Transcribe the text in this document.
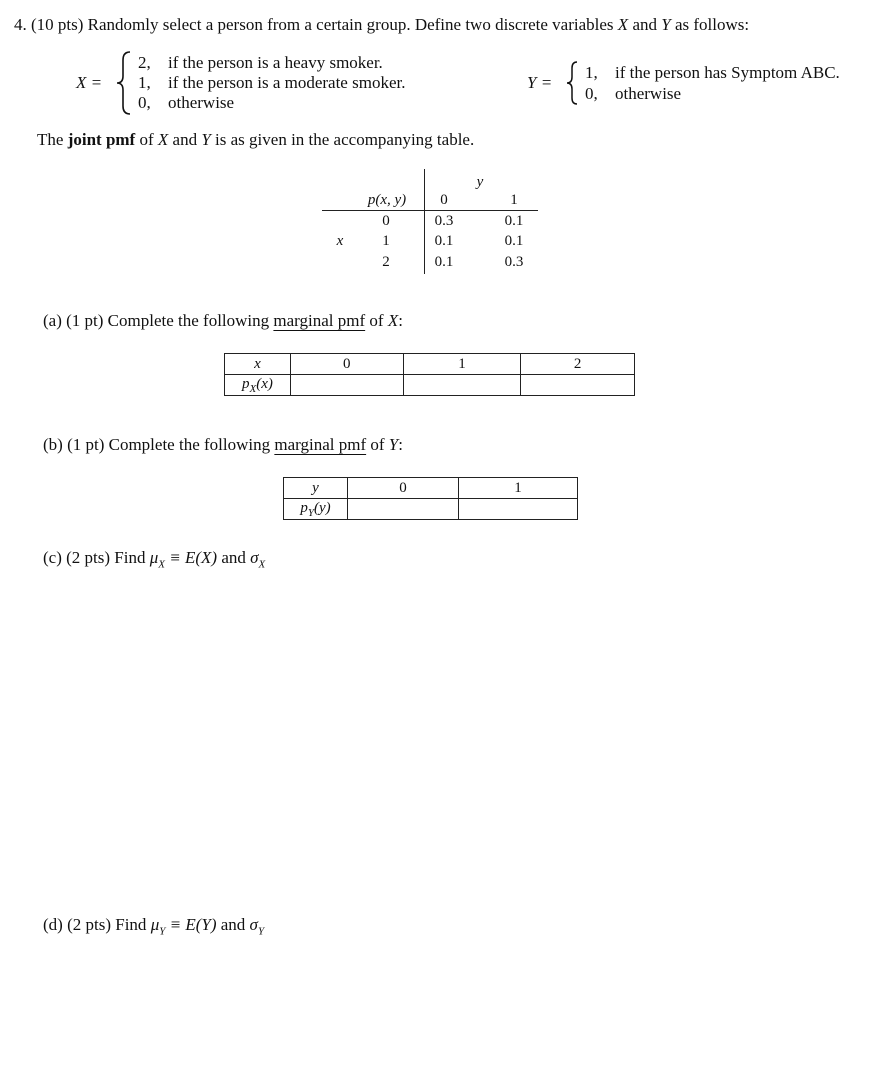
4. (10 pts) Randomly select a person from a certain group. Define two discrete variables X and Y as follows:
X =
2, if the person is a heavy smoker.
1, if the person is a moderate smoker.
0, otherwise
Y =
1, if the person has Symptom ABC.
0, otherwise
The joint pmf of X and Y is as given in the accompanying table.
y
p(x, y)	0	1
x
0	0.3	0.1
1	0.1	0.1
2	0.1	0.3
(a) (1 pt) Complete the following marginal pmf of X:
x	0	1	2
$p_X(x)$			
(b) (1 pt) Complete the following marginal pmf of Y:
y	0	1
$p_Y(y)$		
(c) (2 pts) Find $\mu_X \equiv E(X)$ and $\sigma_X$
(d) (2 pts) Find $\mu_Y \equiv E(Y)$ and $\sigma_Y$
